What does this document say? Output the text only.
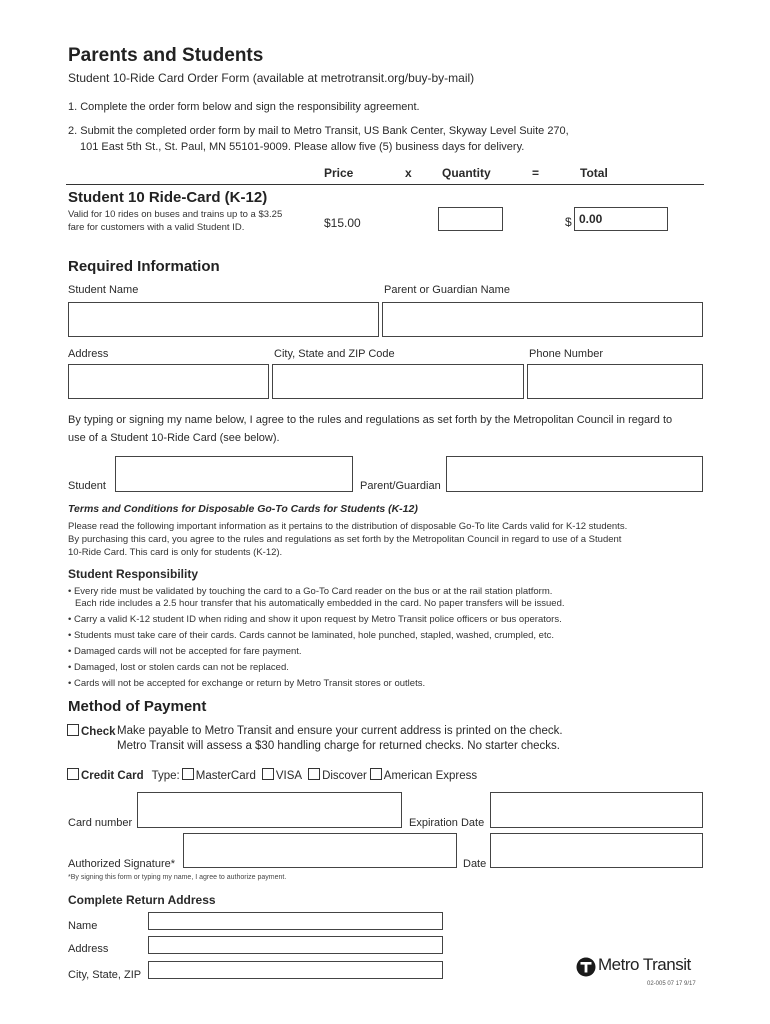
Parents and Students
Student 10-Ride Card Order Form (available at metrotransit.org/buy-by-mail)
1. Complete the order form below and sign the responsibility agreement.
2. Submit the completed order form by mail to Metro Transit, US Bank Center, Skyway Level Suite 270,
101 East 5th St., St. Paul, MN 55101-9009. Please allow five (5) business days for delivery.
Price	x	Quantity	=	Total
Student 10 Ride-Card (K-12)
Valid for 10 rides on buses and trains up to a $3.25
fare for customers with a valid Student ID.	$15.00	$ 0.00
Required Information
Student Name	Parent or Guardian Name
Address	City, State and ZIP Code	Phone Number
By typing or signing my name below, I agree to the rules and regulations as set forth by the Metropolitan Council in regard to
use of a Student 10-Ride Card (see below).
Student	Parent/Guardian
Terms and Conditions for Disposable Go-To Cards for Students (K-12)
Please read the following important information as it pertains to the distribution of disposable Go-To lite Cards valid for K-12 students.
By purchasing this card, you agree to the rules and regulations as set forth by the Metropolitan Council in regard to use of a Student
10-Ride Card. This card is only for students (K-12).
Student Responsibility
• Every ride must be validated by touching the card to a Go-To Card reader on the bus or at the rail station platform.
Each ride includes a 2.5 hour transfer that his automatically embedded in the card. No paper transfers will be issued.
• Carry a valid K-12 student ID when riding and show it upon request by Metro Transit police officers or bus operators.
• Students must take care of their cards. Cards cannot be laminated, hole punched, stapled, washed, crumpled, etc.
• Damaged cards will not be accepted for fare payment.
• Damaged, lost or stolen cards can not be replaced.
• Cards will not be accepted for exchange or return by Metro Transit stores or outlets.
Method of Payment
Check Make payable to Metro Transit and ensure your current address is printed on the check.
Metro Transit will assess a $30 handling charge for returned checks. No starter checks.
Credit Card Type: MasterCard VISA Discover American Express
Card number	Expiration Date
Authorized Signature*	Date
*By signing this form or typing my name, I agree to authorize payment.
Complete Return Address
Name
Address
City, State, ZIP
Metro Transit
02-005 07 17 9/17
